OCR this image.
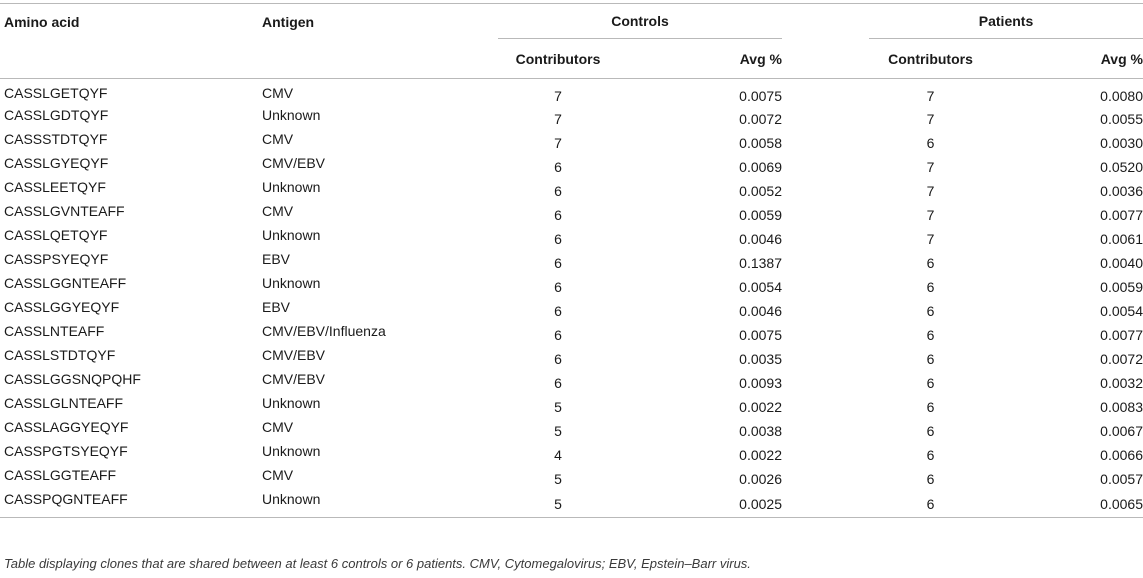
Amino acid	Antigen	Controls			Patients	
		Contributors	Avg %		Contributors	Avg %
CASSLGETQYF	CMV	7	0.0075		7	0.0080
CASSLGDTQYF	Unknown	7	0.0072		7	0.0055
CASSSTDTQYF	CMV	7	0.0058		6	0.0030
CASSLGYEQYF	CMV/EBV	6	0.0069		7	0.0520
CASSLEETQYF	Unknown	6	0.0052		7	0.0036
CASSLGVNTEAFF	CMV	6	0.0059		7	0.0077
CASSLQETQYF	Unknown	6	0.0046		7	0.0061
CASSPSYEQYF	EBV	6	0.1387		6	0.0040
CASSLGGNTEAFF	Unknown	6	0.0054		6	0.0059
CASSLGGYEQYF	EBV	6	0.0046		6	0.0054
CASSLNTEAFF	CMV/EBV/Influenza	6	0.0075		6	0.0077
CASSLSTDTQYF	CMV/EBV	6	0.0035		6	0.0072
CASSLGGSNQPQHF	CMV/EBV	6	0.0093		6	0.0032
CASSLGLNTEAFF	Unknown	5	0.0022		6	0.0083
CASSLAGGYEQYF	CMV	5	0.0038		6	0.0067
CASSPGTSYEQYF	Unknown	4	0.0022		6	0.0066
CASSLGGTEAFF	CMV	5	0.0026		6	0.0057
CASSPQGNTEAFF	Unknown	5	0.0025		6	0.0065
Table displaying clones that are shared between at least 6 controls or 6 patients. CMV, Cytomegalovirus; EBV, Epstein–Barr virus.
